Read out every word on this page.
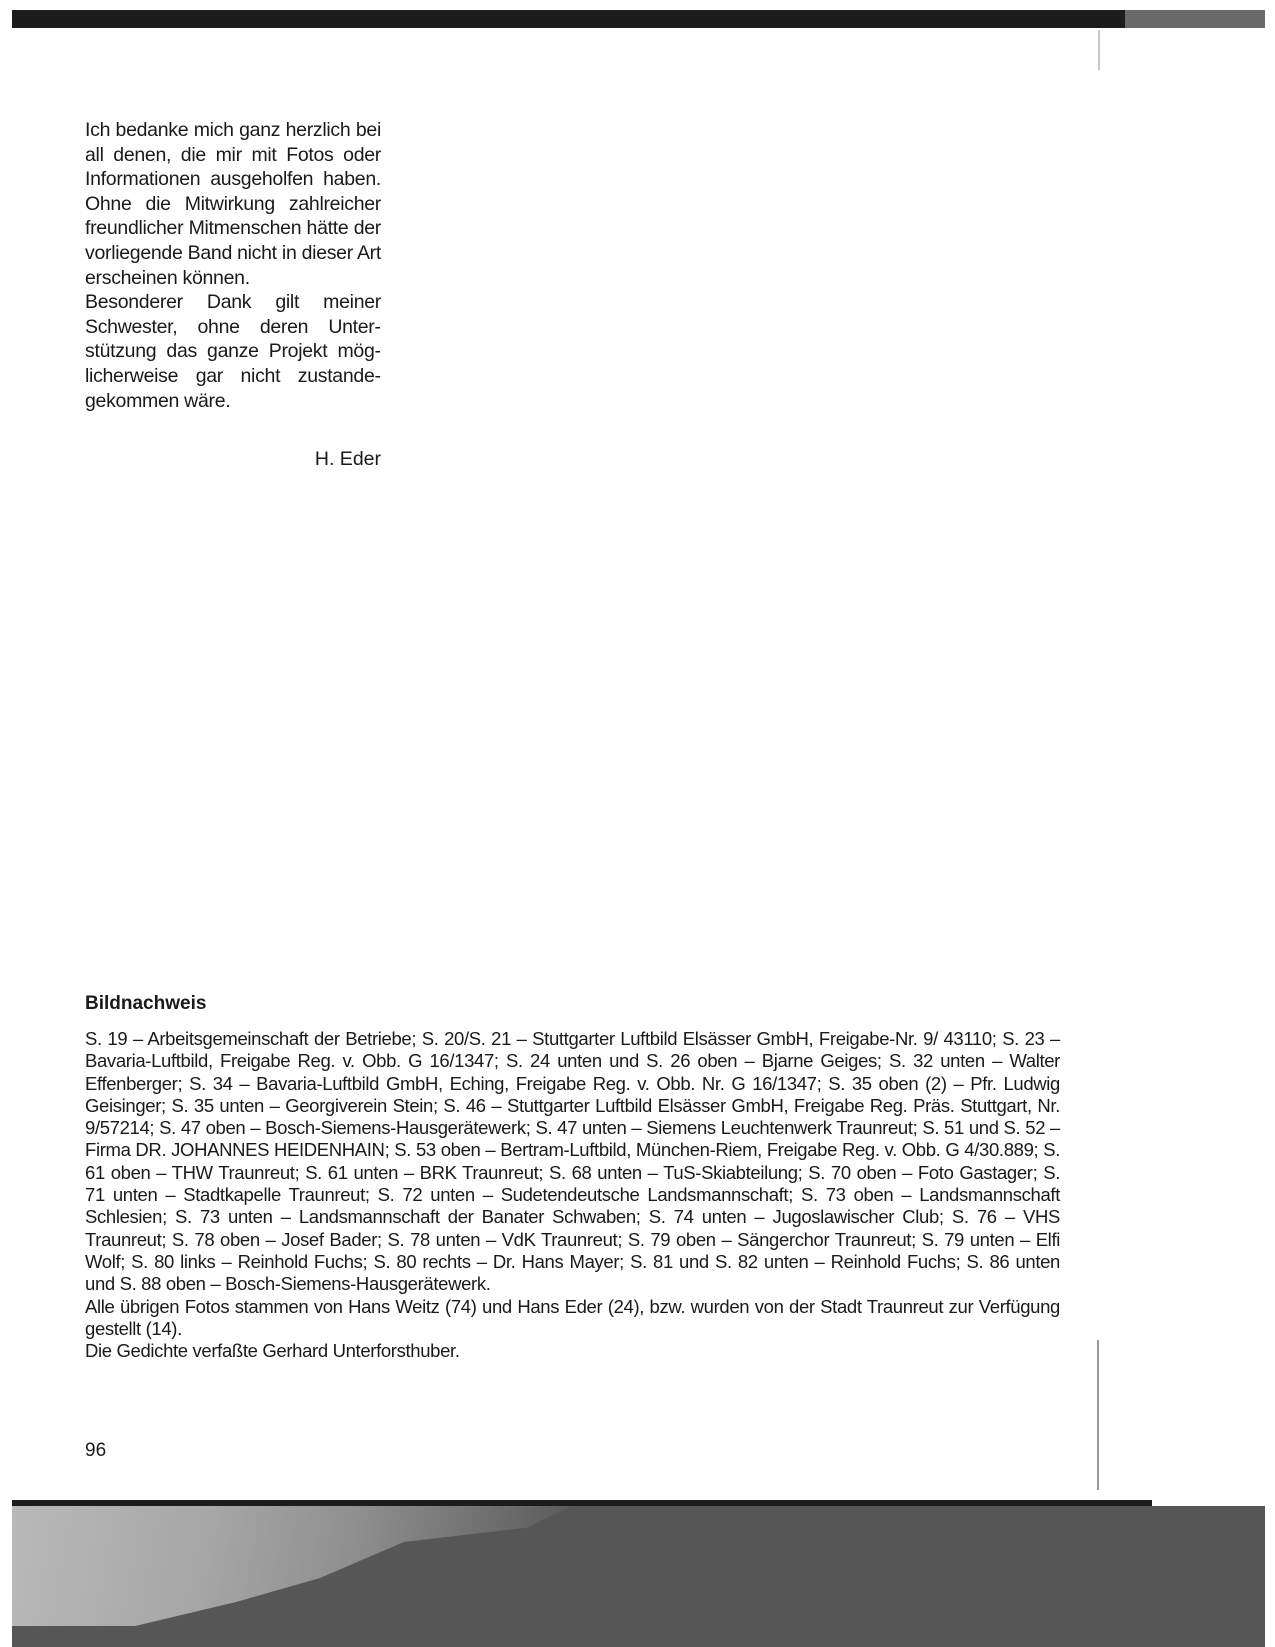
Ich bedanke mich ganz herzlich bei all denen, die mir mit Fotos oder Informationen ausgeholfen haben. Ohne die Mitwirkung zahlreicher freundlicher Mitmenschen hätte der vorliegende Band nicht in dieser Art erscheinen können.

Besonderer Dank gilt meiner Schwester, ohne deren Unterstützung das ganze Projekt möglicherweise gar nicht zustandegekommen wäre.

H. Eder
Bildnachweis

S. 19 – Arbeitsgemeinschaft der Betriebe; S. 20/S. 21 – Stuttgarter Luftbild Elsässer GmbH, Freigabe-Nr. 9/ 43110; S. 23 – Bavaria-Luftbild, Freigabe Reg. v. Obb. G 16/1347; S. 24 unten und S. 26 oben – Bjarne Geiges; S. 32 unten – Walter Effenberger; S. 34 – Bavaria-Luftbild GmbH, Eching, Freigabe Reg. v. Obb. Nr. G 16/1347; S. 35 oben (2) – Pfr. Ludwig Geisinger; S. 35 unten – Georgiverein Stein; S. 46 – Stuttgarter Luftbild Elsässer GmbH, Freigabe Reg. Präs. Stuttgart, Nr. 9/57214; S. 47 oben – Bosch-Siemens-Hausgerätewerk; S. 47 unten – Siemens Leuchtenwerk Traunreut; S. 51 und S. 52 – Firma DR. JOHANNES HEIDENHAIN; S. 53 oben – Bertram-Luftbild, München-Riem, Freigabe Reg. v. Obb. G 4/30.889; S. 61 oben – THW Traunreut; S. 61 unten – BRK Traunreut; S. 68 unten – TuS-Skiabteilung; S. 70 oben – Foto Gastager; S. 71 unten – Stadtkapelle Traunreut; S. 72 unten – Sudetendeutsche Landsmannschaft; S. 73 oben – Landsmannschaft Schlesien; S. 73 unten – Landsmannschaft der Banater Schwaben; S. 74 unten – Jugoslawischer Club; S. 76 – VHS Traunreut; S. 78 oben – Josef Bader; S. 78 unten – VdK Traunreut; S. 79 oben – Sängerchor Traunreut; S. 79 unten – Elfi Wolf; S. 80 links – Reinhold Fuchs; S. 80 rechts – Dr. Hans Mayer; S. 81 und S. 82 unten – Reinhold Fuchs; S. 86 unten und S. 88 oben – Bosch-Siemens-Hausgerätewerk.

Alle übrigen Fotos stammen von Hans Weitz (74) und Hans Eder (24), bzw. wurden von der Stadt Traunreut zur Verfügung gestellt (14).

Die Gedichte verfaßte Gerhard Unterforsthuber.

96
